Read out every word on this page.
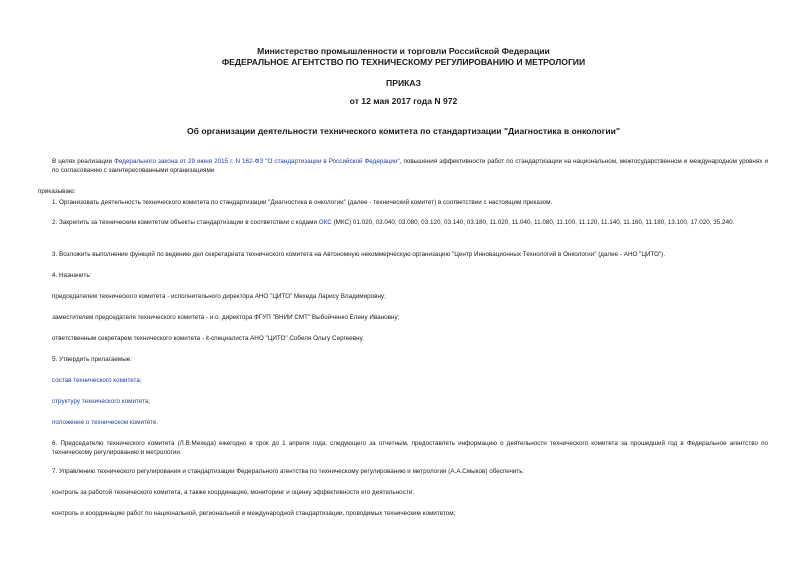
Министерство промышленности и торговли Российской Федерации
ФЕДЕРАЛЬНОЕ АГЕНТСТВО ПО ТЕХНИЧЕСКОМУ РЕГУЛИРОВАНИЮ И МЕТРОЛОГИИ
ПРИКАЗ
от 12 мая 2017 года N 972
Об организации деятельности технического комитета по стандартизации "Диагностика в онкологии"
В целях реализации Федерального закона от 29 июня 2015 г. N 162-ФЗ "О стандартизации в Российской Федерации", повышения эффективности работ по стандартизации на национальном, межгосударственном и международном уровнях и по согласованию с заинтересованными организациями
приказываю:
1. Организовать деятельность технического комитета по стандартизации "Диагностика в онкологии" (далее - технический комитет) в соответствии с настоящим приказом.
2. Закрепить за техническим комитетом объекты стандартизации в соответствии с кодами ОКС (МКС) 01.020, 03.040, 03.080, 03.120, 03.140, 03.180, 11.020, 11.040, 11.080, 11.100, 11.120, 11.140, 11.160, 11.180, 13.100, 17.020, 35.240.
3. Возложить выполнение функций по ведению дел секретариата технического комитета на Автономную некоммерческую организацию "Центр Инновационных Технологий в Онкологии" (далее - АНО "ЦИТО").
4. Назначить:
председателем технического комитета - исполнительного директора АНО "ЦИТО" Мехеда Ларису Владимировну;
заместителем председателя технического комитета - и.о. директора ФГУП "ВНИИ СМТ" Выбойченко Елену Ивановну;
ответственным секретарем технического комитета - it-специалиста АНО "ЦИТО" Собеля Ольгу Сергеевну.
5. Утвердить прилагаемые:
состав технического комитета;
структуру технического комитета;
положение о техническом комитете.
6. Председателю технического комитета (Л.В.Мехеда) ежегодно в срок до 1 апреля года, следующего за отчетным, предоставлять информацию о деятельности технического комитета за прошедший год в Федеральное агентство по техническому регулированию и метрологии.
7. Управлению технического регулирования и стандартизации Федерального агентства по техническому регулированию и метрологии (А.А.Смыков) обеспечить:
контроль за работой технического комитета, а также координацию, мониторинг и оценку эффективности его деятельности;
контроль и координацию работ по национальной, региональной и международной стандартизации, проводимых техническим комитетом;
